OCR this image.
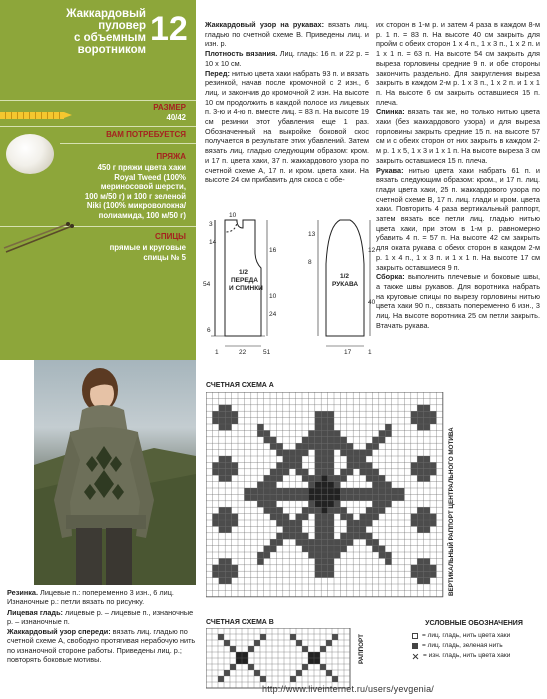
Жаккардовый
пуловер
с объемным
воротником
12
РАЗМЕР
40/42
ВАМ ПОТРЕБУЕТСЯ
ПРЯЖА
450 г пряжи цвета хаки
Royal Tweed (100%
мериносовой шерсти,
100 м/50 г) и 100 г зеленой
Niki (100% микроволокна/
полиамида, 100 м/50 г)
СПИЦЫ
прямые и круговые
спицы № 5

Резинка. Лицевые п.: попеременно 3 изн., 6 лиц. Изнаночные р.: петли вязать по рисунку.

Лицевая гладь: лицевые р. – лицевые п., изнаночные р. – изнаночные п.

Жаккардовый узор спереди: вязать лиц. гладью по счетной схеме А, свободно протягивая нерабочую нить по изнаночной стороне работы. Приведены лиц. р.; повторять боковые мотивы.

Жаккардовый узор на рукавах: вязать лиц. гладью по счетной схеме В. Приведены лиц. и изн. р.

Плотность вязания. Лиц. гладь: 16 п. и 22 р. = 10 х 10 см.

Перед: нитью цвета хаки набрать 93 п. и вязать резинкой, начав после кромочной с 2 изн., 6 лиц. и закончив до кромочной 2 изн. На высоте 10 см продолжить в каждой полосе из лицевых п. 3-ю и 4-ю п. вместе лиц. = 83 п. На высоте 19 см резинки этот убавления еще 1 раз. Обозначенный на выкройке боковой скос получается в результате этих убавлений. Затем вязать лиц. гладью следующим образом: кром. и 17 п. цвета хаки, 37 п. жаккардового узора по счетной схеме А, 17 п. и кром. цвета хаки. На высоте 24 см прибавить для скоса с обе-

их сторон в 1-м р. и затем 4 раза в каждом 8-м р. 1 п. = 83 п. На высоте 40 см закрыть для пройм с обеих сторон 1 х 4 п., 1 х 3 п., 1 х 2 п. и 1 х 1 п. = 63 п. На высоте 54 см закрыть для выреза горловины средние 9 п. и обе стороны закончить раздельно. Для закругления выреза закрыть в каждом 2-м р. 1 х 3 п., 1 х 2 п. и 1 х 1 п. На высоте 6 см закрыть оставшиеся 15 п. плеча.

Спинка: вязать так же, но только нитью цвета хаки (без жаккардового узора) и для выреза горловины закрыть средние 15 п. на высоте 57 см и с обеих сторон от них закрыть в каждом 2-м р. 1 х 5, 1 х 3 и 1 х 1 п. На высоте выреза 3 см закрыть оставшиеся 15 п. плеча.

Рукава: нитью цвета хаки набрать 61 п. и вязать следующим образом: кром., и 17 п. лиц. глади цвета хаки, 25 п. жаккардового узора по счетной схеме В, 17 п. лиц. глади и кром. цвета хаки. Повторить 4 раза вертикальный раппорт, затем вязать все петли лиц. гладью нитью цвета хаки, при этом в 1-м р. равномерно убавить 4 п. = 57 п. На высоте 42 см закрыть для оката рукава с обеих сторон в каждом 2-м р. 1 х 4 п., 1 х 3 п. и 1 х 1 п. На высоте 17 см закрыть оставшиеся 9 п.

Сборка: выполнить плечевые и боковые швы, а также швы рукавов. Для воротника набрать на круговые спицы по вырезу горловины нитью цвета хаки 90 п., связать попеременно 6 изн., 3 лиц. На высоте воротника 25 см петли закрыть. Втачать рукава.

1/2
ПЕРЕДА
И СПИНКИ
10
3
14
16
54
10
24
6
1	22	51
1/2
РУКАВА
13
8
12
40
17	1
СЧЕТНАЯ СХЕМА А
ВЕРТИКАЛЬНЫЙ РАППОРТ ЦЕНТРАЛЬНОГО МОТИВА
СЧЕТНАЯ СХЕМА В
РАППОРТ
УСЛОВНЫЕ ОБОЗНАЧЕНИЯ
= лиц. гладь, нить цвета хаки
= лиц. гладь, зеленая нить
= изн. гладь, нить цвета хаки
http://www.liveinternet.ru/users/yevgenia/
